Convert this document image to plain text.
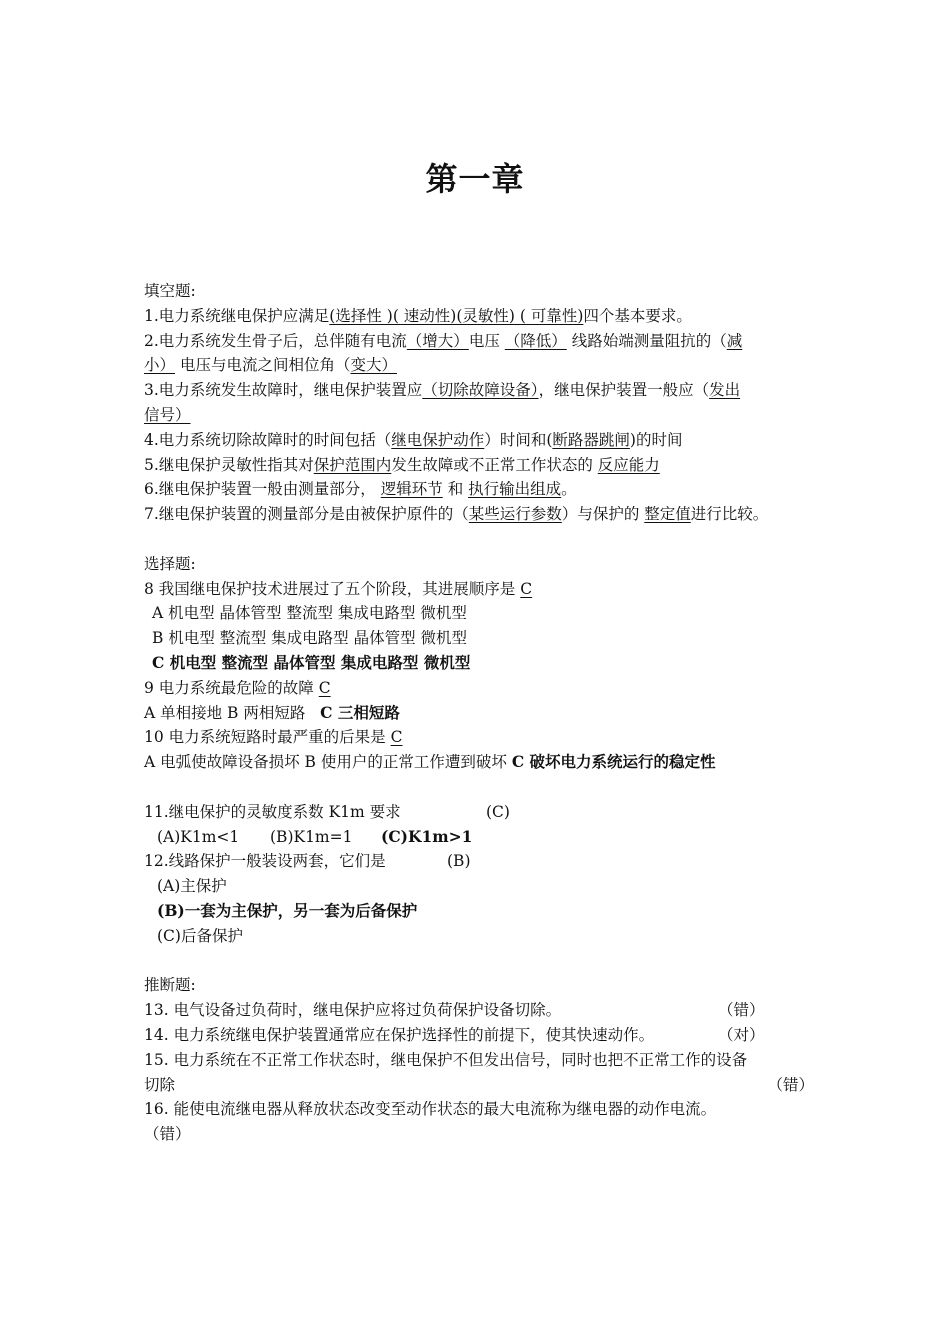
第一章
填空题:
1.电力系统继电保护应满足(选择性 )( 速动性)(灵敏性) ( 可靠性)四个基本要求。
2.电力系统发生骨子后，总伴随有电流（增大）电压 （降低） 线路始端测量阻抗的（减
小） 电压与电流之间相位角（变大）
3.电力系统发生故障时，继电保护装置应（切除故障设备），继电保护装置一般应（发出
信号）
4.电力系统切除故障时的时间包括（继电保护动作）时间和(断路器跳闸)的时间
5.继电保护灵敏性指其对保护范围内发生故障或不正常工作状态的 反应能力
6.继电保护装置一般由测量部分， 逻辑环节 和 执行输出组成。
7.继电保护装置的测量部分是由被保护原件的（某些运行参数）与保护的 整定值进行比较。
选择题:
8 我国继电保护技术进展过了五个阶段，其进展顺序是 C
A 机电型 晶体管型 整流型 集成电路型 微机型
B 机电型 整流型 集成电路型 晶体管型 微机型
C 机电型 整流型 晶体管型 集成电路型 微机型
9 电力系统最危险的故障 C
A 单相接地 B 两相短路 C 三相短路
10 电力系统短路时最严重的后果是 C
A 电弧使故障设备损坏 B 使用户的正常工作遭到破坏 C 破坏电力系统运行的稳定性
11.继电保护的灵敏度系数 K1m 要求	(C)
(A)K1m<1 (B)K1m=1 (C)K1m>1
12.线路保护一般装设两套，它们是	(B)
(A)主保护
(B)一套为主保护，另一套为后备保护
(C)后备保护
推断题:
13. 电气设备过负荷时，继电保护应将过负荷保护设备切除。	（错）
14. 电力系统继电保护装置通常应在保护选择性的前提下，使其快速动作。	（对）
15. 电力系统在不正常工作状态时，继电保护不但发出信号，同时也把不正常工作的设备
切除	（错）
16. 能使电流继电器从释放状态改变至动作状态的最大电流称为继电器的动作电流。
（错）
